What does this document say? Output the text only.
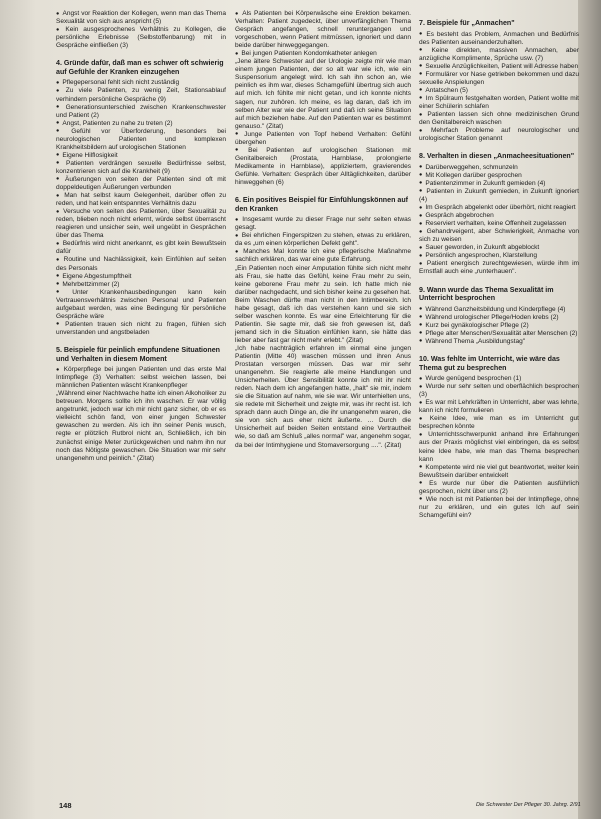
● Angst vor Reaktion der Kollegen, wenn man das Thema Sexualität von sich aus anspricht (5)
● Kein ausgesprochenes Verhältnis zu Kollegen, die persönliche Erlebnisse (Selbstoffenbarung) mit in Gespräche einfließen (3)
4. Gründe dafür, daß man es schwer oft schwierig auf Gefühle der Kranken einzugehen
● Pflegepersonal fehlt sich nicht zuständig
● Zu viele Patienten, zu wenig Zeit, Stationsablauf verhindern persönliche Gespräche (9)
● Generationsunterschied zwischen Krankenschwester und Patient (2)
● Angst, Patienten zu nahe zu treten (2)
● Gefühl vor Überforderung, besonders bei neurologischen Patienten und komplexen Krankheitsbildern auf urologischen Stationen
● Eigene Hilflosigkeit
● Patienten verdrängen sexuelle Bedürfnisse selbst, konzentrieren sich auf die Krankheit (9)
● Äußerungen von seiten der Patienten sind oft mit doppeldeutigen Äußerungen verbunden
● Man hat selbst kaum Gelegenheit, darüber offen zu reden, und hat kein entspanntes Verhältnis dazu
● Versuche von seiten des Patienten, über Sexualität zu reden, blieben noch nicht erlernt, würde selbst überrascht reagieren und unsicher sein, weil ungeübt in Gesprächen über das Thema
● Bedürfnis wird nicht anerkannt, es gibt kein Bewußtsein dafür
● Routine und Nachlässigkeit, kein Einfühlen auf seiten des Personals
● Eigene Abgestumpftheit
● Mehrbettzimmer (2)
● Unter Krankenhausbedingungen kann kein Vertrauensverhältnis zwischen Personal und Patienten aufgebaut werden, was eine Bedingung für persönliche Gespräche wäre
● Patienten trauen sich nicht zu fragen, fühlen sich unverstanden und angstbeladen
5. Beispiele für peinlich empfundene Situationen und Verhalten in diesem Moment
● Körperpflege bei jungen Patienten und das erste Mal Intimpflege (3) Verhalten: selbst weichen lassen, bei männlichen Patienten wäscht Krankenpfleger
„Während einer Nachtwache hatte ich einen Alkoholiker zu betreuen. Morgens sollte ich ihn waschen. Er war völlig angetrunkt, jedoch war ich mir nicht ganz sicher, ob er es vielleicht schön fand, von einer jungen Schwester gewaschen zu werden. Als ich ihn seiner Penis wusch, regte er plötzlich Rutbrol nicht an, Schließlich, ich bin zunächst einige Meter zurückgewichen und nahm ihn nur noch das Nötigste gewaschen. Die Situation war mir sehr unangenehm und peinlich." (Zitat)
● Als Patienten bei Körperwäsche eine Erektion bekamen. Verhalten: Patient zugedeckt, über unverfänglichen Thema Gespräch angefangen, schnell reruntergangen und vorgeschoben, wenn Patient mitmüssen, ignoriert und dann beide darüber hinweggegangen.
● Bei jungen Patienten Kondomkatheter anlegen
„Jene ältere Schwester auf der Urologie zeigte mir wie man einem jungen Patienten, der so alt war wie ich, wie ein Suspensorium angelegt wird. Ich sah ihn schon an, wie peinlich es ihm war, dieses Schamgefühl übertrug sich auch auf mich. Ich fühlte mir nicht getan, und ich konnte nichts sagen, nur zuhören. Ich meine, es lag daran, daß ich im selben Alter war wie der Patient und daß ich seine Situation auf mich beziehen habe. Auf den Patienten war es bestimmt genauso." (Zitat)
● Junge Patienten von Topf hebend Verhalten: Gefühl übergehen
● Bei Patienten auf urologischen Stationen mit Genitalbereich (Prostata, Harnblase, prolongierte Medikamente in Harnblase), appliziertem, gravierendes Gefühle. Verhalten: Gespräch über Alltäglichkeiten, darüber hinweggehen (6)
6. Ein positives Beispiel für Einfühlungskönnen auf den Kranken
● Insgesamt wurde zu dieser Frage nur sehr selten etwas gesagt.
● Bei ehrlichen Fingerspitzen zu stehen, etwas zu erklären, da es „um einen körperlichen Defekt geht".
● Manches Mal konnte ich eine pflegerische Maßnahme sachlich erklären, das war eine gute Erfahrung.
„Ein Patienten noch einer Amputation fühlte sich nicht mehr als Frau, sie hatte das Gefühl, keine Frau mehr zu sein, keine geborene Frau mehr zu sein. Ich hatte mich nie darüber nachgedacht, und sich bisher keine zu gesehen hat. Beim Waschen dürfte man nicht in den Intimbereich. Ich habe gesagt, daß ich das verstehen kann und sie sich selber waschen konnte. Es war eine Erleichterung für die Patientin. Sie sagte mir, daß sie froh gewesen ist, daß jemand sich in die Situation einfühlen kann, sie hätte das lieber aber fast gar nicht mehr erlebt." (Zitat)
„Ich habe nachträglich erfahren im einmal eine jungen Patientin (Mitte 40) waschen müssen und ihren Anus Prostatan versorgen müssen. Das war mir sehr unangenehm. Sie reagierte alle meine Handlungen und Unsicherheiten. Über Sensibilität konnte ich mit ihr nicht reden. Nach dem ich angefangen hatte, „halt" sie mir, indem sie die Situation auf nahm, wie sie war. Wir unterhielten uns, sie redete mit Sicherheit und zeigte mir, was ihr recht ist. Ich sprach dann auch Dinge an, die ihr unangenehm waren, die sie von sich aus eher nicht äußerte. ... Durch die Unsicherheit auf beiden Seiten entstand eine Vertrautheit wie, so daß am Schluß „alles normal" war, angenehm sogar, da bei der Intimhygiene und Stomaversorgung ....". (Zitat)
7. Beispiele für „Anmachen"
● Es besteht das Problem, Anmachen und Bedürfnis des Patienten auseinanderzuhalten.
● Keine direkten, massiven Anmachen, aber anzügliche Komplimente, Sprüche usw. (7)
● Sexuelle Anzüglichkeiten, Patient will Adresse haben
● Formulärer vor Nase getrieben bekommen und dazu sexuelle Anspielungen
● Antatschen (5)
● Im Spülraum festgehalten worden, Patient wollte mit einer Schülerin schlafen
● Patienten lassen sich ohne medizinischen Grund den Genitalbereich waschen
● Mehrfach Probleme auf neurologischer und urologischer Station genannt
8. Verhalten in diesen „Anmacheesituationen"
● Darüberweggehen, schmunzeln
● Mit Kollegen darüber gesprochen
● Patientenzimmer in Zukunft gemieden (4)
● Patienten in Zukunft gemieden, in Zukunft ignoriert (4)
● Im Gespräch abgelenkt oder überhört, nicht reagiert
● Gespräch abgebrochen
● Reserviert verhalten, keine Offenheit zugelassen
● Gehandrveigent, aber Schwierigkeit, Anmache von sich zu weisen
● Sauer geworden, in Zukunft abgeblockt
● Persönlich angesprochen, Klarstellung
● Patient energisch zurechtgewiesen, würde ihm im Ernstfall auch eine „runterhauen".
9. Wann wurde das Thema Sexualität im Unterricht besprochen
● Während Ganzheitsbildung und Kinderpflege (4)
● Während urologischer Pflege/Hoden krebs (2)
● Kurz bei gynäkologischer Pflege (2)
● Pflege alter Menschen/Sexualität alter Menschen (2)
● Während Thema „Ausbildungstag"
10. Was fehlte im Unterricht, wie wäre das Thema gut zu besprechen
● Wurde genügend besprochen (1)
● Wurde nur sehr selten und oberflächlich besprochen (3)
● Es war mit Lehrkräften in Unterricht, aber was lehrte, kann ich nicht formulieren
● Keine Idee, wie man es im Unterricht gut besprechen könnte
● Unterrichtsschwerpunkt anhand ihre Erfahrungen aus der Praxis möglichst viel einbringen, da es selbst keine Idee habe, wie man das Thema besprechen kann
● Kompetente wird nie viel gut beantwortet, weiter kein Bewußtsein darüber entwickelt
● Es wurde nur über die Patienten ausführlich gesprochen, nicht über uns (2)
● Wie noch ist mit Patienten bei der Intimpflege, ohne nur zu erklären, und ein gutes Ich auf sein Schamgefühl ein?
148	Die Schwester Der Pfleger 30. Jahrg. 2/91
